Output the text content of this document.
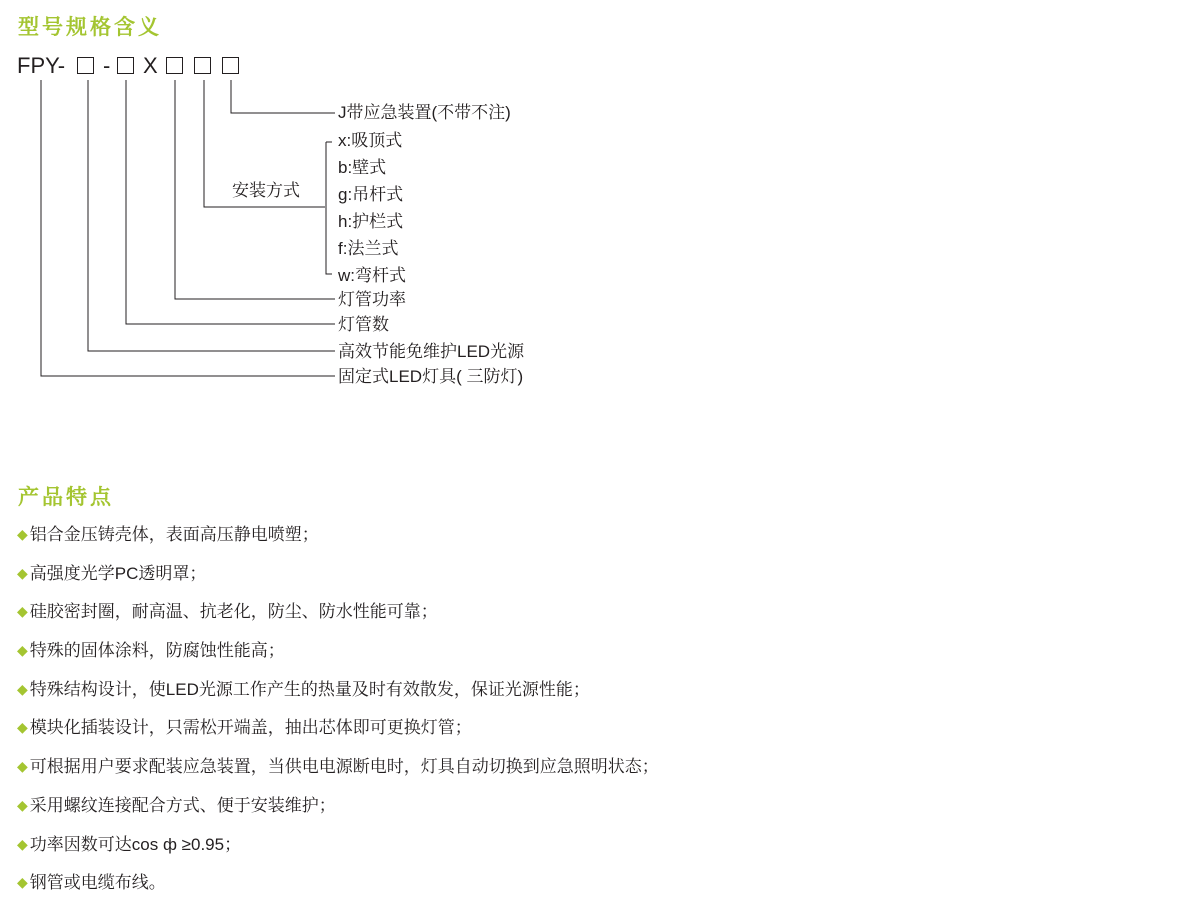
型号规格含义
FPY- - X
J带应急装置(不带不注)
安装方式
x:吸顶式
b:壁式
g:吊杆式
h:护栏式
f:法兰式
w:弯杆式
灯管功率
灯管数
高效节能免维护LED光源
固定式LED灯具( 三防灯)
产品特点
◆ 铝合金压铸壳体，表面高压静电喷塑；
◆ 高强度光学PC透明罩；
◆ 硅胶密封圈，耐高温、抗老化，防尘、防水性能可靠；
◆ 特殊的固体涂料，防腐蚀性能高；
◆ 特殊结构设计，使LED光源工作产生的热量及时有效散发，保证光源性能；
◆ 模块化插装设计，只需松开端盖，抽出芯体即可更换灯管；
◆ 可根据用户要求配装应急装置，当供电电源断电时，灯具自动切换到应急照明状态；
◆ 采用螺纹连接配合方式、便于安装维护；
◆ 功率因数可达cos ф ≥0.95；
◆ 钢管或电缆布线。
